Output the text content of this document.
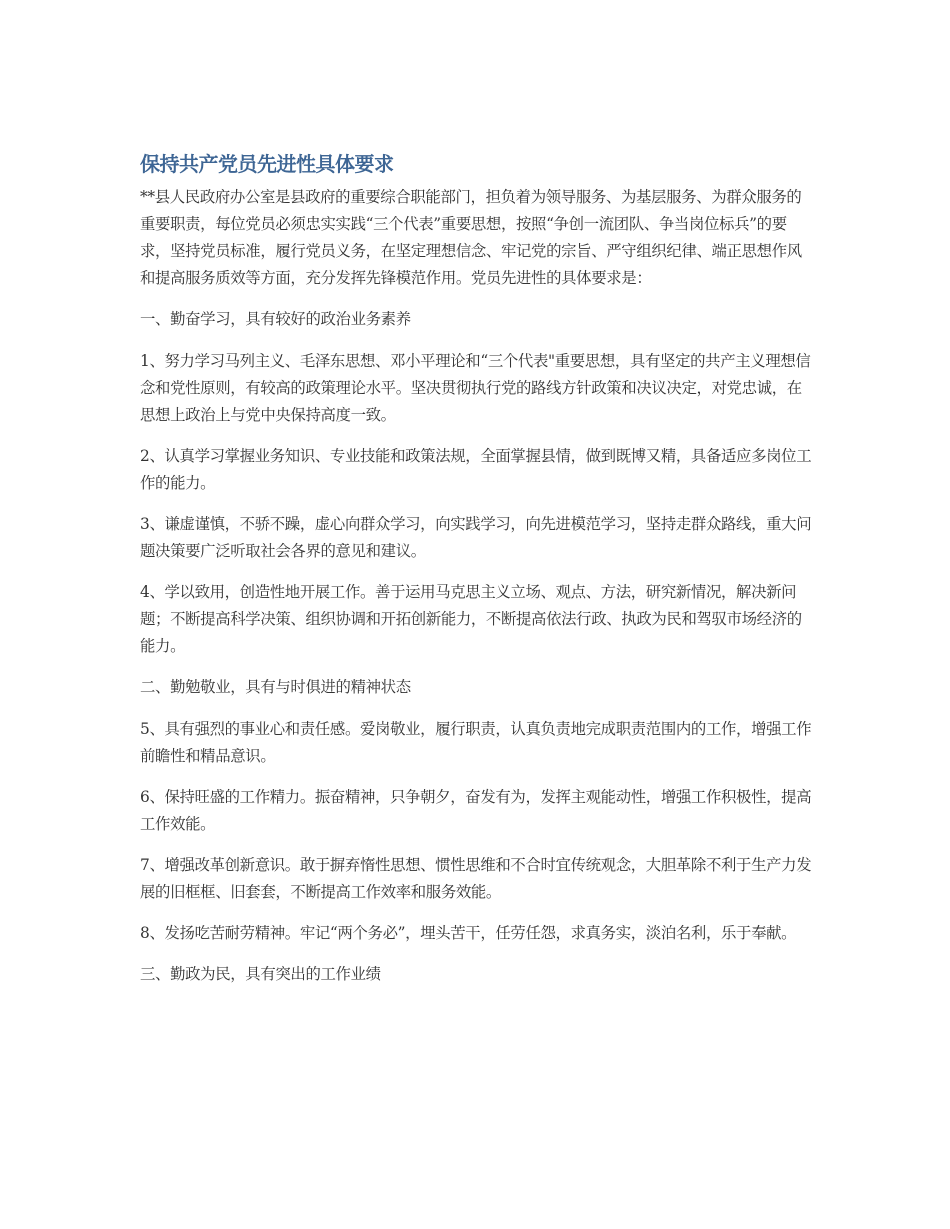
保持共产党员先进性具体要求

**县人民政府办公室是县政府的重要综合职能部门，担负着为领导服务、为基层服务、为群众服务的重要职责，每位党员必须忠实实践“三个代表”重要思想，按照“争创一流团队、争当岗位标兵”的要求，坚持党员标准，履行党员义务，在坚定理想信念、牢记党的宗旨、严守组织纪律、端正思想作风和提高服务质效等方面，充分发挥先锋模范作用。党员先进性的具体要求是：

一、勤奋学习，具有较好的政治业务素养

1、努力学习马列主义、毛泽东思想、邓小平理论和“三个代表"重要思想，具有坚定的共产主义理想信念和党性原则，有较高的政策理论水平。坚决贯彻执行党的路线方针政策和决议决定，对党忠诚，在思想上政治上与党中央保持高度一致。

2、认真学习掌握业务知识、专业技能和政策法规，全面掌握县情，做到既博又精，具备适应多岗位工作的能力。

3、谦虚谨慎，不骄不躁，虚心向群众学习，向实践学习，向先进模范学习，坚持走群众路线，重大问题决策要广泛听取社会各界的意见和建议。

4、学以致用，创造性地开展工作。善于运用马克思主义立场、观点、方法，研究新情况，解决新问题；不断提高科学决策、组织协调和开拓创新能力，不断提高依法行政、执政为民和驾驭市场经济的能力。

二、勤勉敬业，具有与时俱进的精神状态

5、具有强烈的事业心和责任感。爱岗敬业，履行职责，认真负责地完成职责范围内的工作，增强工作前瞻性和精品意识。

6、保持旺盛的工作精力。振奋精神，只争朝夕，奋发有为，发挥主观能动性，增强工作积极性，提高工作效能。

7、增强改革创新意识。敢于摒弃惰性思想、惯性思维和不合时宜传统观念，大胆革除不利于生产力发展的旧框框、旧套套，不断提高工作效率和服务效能。

8、发扬吃苦耐劳精神。牢记“两个务必”，埋头苦干，任劳任怨，求真务实，淡泊名利，乐于奉献。

三、勤政为民，具有突出的工作业绩
